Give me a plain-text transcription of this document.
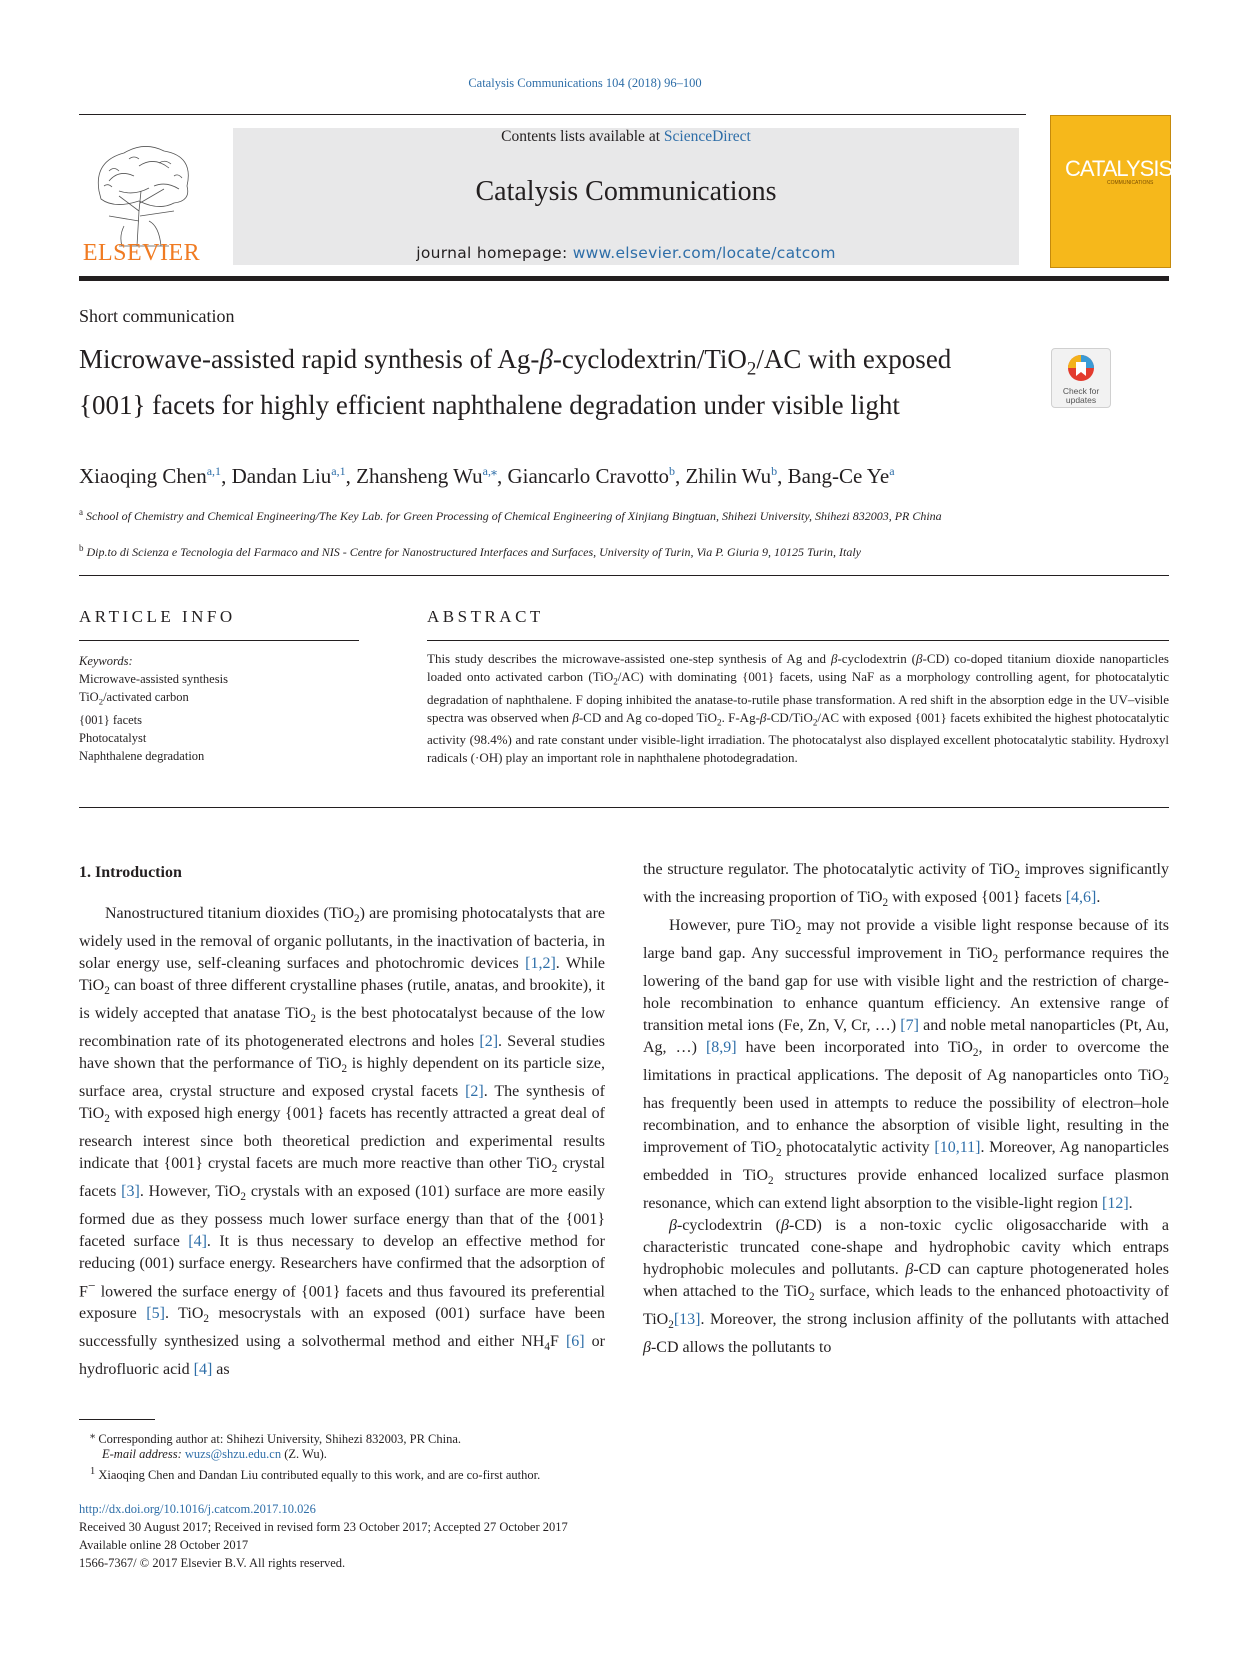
Catalysis Communications 104 (2018) 96–100
ELSEVIER
Contents lists available at ScienceDirect
Catalysis Communications
journal homepage: www.elsevier.com/locate/catcom
CATALYSIS
COMMUNICATIONS
Short communication
Microwave-assisted rapid synthesis of Ag-β-cyclodextrin/TiO$_2$/AC with exposed {001} facets for highly efficient naphthalene degradation under visible light	Check for updates
Xiaoqing Chen$^{a,1}$, Dandan Liu$^{a,1}$, Zhansheng $Wu^{a,⁎}$, Giancarlo Cravotto$^b$, Zhilin Wu$^b$, Bang-Ce Ye$^a$
$^a$ School of Chemistry and Chemical Engineering/The Key Lab. for Green Processing of Chemical Engineering of Xinjiang Bingtuan, Shihezi University, Shihezi 832003, PR China
$^b$ Dip.to di Scienza e Tecnologia del Farmaco and NIS - Centre for Nanostructured Interfaces and Surfaces, University of Turin, Via P. Giuria 9, 10125 Turin, Italy
ARTICLE INFO
Keywords:
Microwave-assisted synthesis
TiO$_2$/activated carbon
{001} facets
Photocatalyst
Naphthalene degradation
ABSTRACT
This study describes the microwave-assisted one-step synthesis of Ag and β-cyclodextrin (β-CD) co-doped titanium dioxide nanoparticles loaded onto activated carbon (TiO$_2$/AC) with dominating {001} facets, using NaF as a morphology controlling agent, for photocatalytic degradation of naphthalene. F doping inhibited the anatase-to-rutile phase transformation. A red shift in the absorption edge in the UV–visible spectra was observed when β-CD and Ag co-doped TiO$_2$. F-Ag-β-CD/TiO$_2$/AC with exposed {001} facets exhibited the highest photocatalytic activity (98.4%) and rate constant under visible-light irradiation. The photocatalyst also displayed excellent photocatalytic stability. Hydroxyl radicals (·OH) play an important role in naphthalene photodegradation.
1. Introduction

Nanostructured titanium dioxides (TiO$_2$) are promising photocatalysts that are widely used in the removal of organic pollutants, in the inactivation of bacteria, in solar energy use, self-cleaning surfaces and photochromic devices [1,2]. While TiO$_2$ can boast of three different crystalline phases (rutile, anatas, and brookite), it is widely accepted that anatase TiO$_2$ is the best photocatalyst because of the low recombination rate of its photogenerated electrons and holes [2]. Several studies have shown that the performance of TiO$_2$ is highly dependent on its particle size, surface area, crystal structure and exposed crystal facets [2]. The synthesis of TiO$_2$ with exposed high energy {001} facets has recently attracted a great deal of research interest since both theoretical prediction and experimental results indicate that {001} crystal facets are much more reactive than other TiO$_2$ crystal facets [3]. However, TiO$_2$ crystals with an exposed (101) surface are more easily formed due as they possess much lower surface energy than that of the {001} faceted surface [4]. It is thus necessary to develop an effective method for reducing (001) surface energy. Researchers have confirmed that the adsorption of F− lowered the surface energy of {001} facets and thus favoured its preferential exposure [5]. TiO$_2$ mesocrystals with an exposed (001) surface have been successfully synthesized using a solvothermal method and either $NH_4F$ [6] or hydrofluoric acid [4] as

the structure regulator. The photocatalytic activity of TiO$_2$ improves significantly with the increasing proportion of TiO$_2$ with exposed {001} facets [4,6].

However, pure TiO$_2$ may not provide a visible light response because of its large band gap. Any successful improvement in TiO$_2$ performance requires the lowering of the band gap for use with visible light and the restriction of charge-hole recombination to enhance quantum efficiency. An extensive range of transition metal ions (Fe, Zn, V, Cr, …) [7] and noble metal nanoparticles (Pt, Au, Ag, …) [8,9] have been incorporated into TiO$_2$, in order to overcome the limitations in practical applications. The deposit of Ag nanoparticles onto TiO$_2$ has frequently been used in attempts to reduce the possibility of electron–hole recombination, and to enhance the absorption of visible light, resulting in the improvement of TiO$_2$ photocatalytic activity [10,11]. Moreover, Ag nanoparticles embedded in TiO$_2$ structures provide enhanced localized surface plasmon resonance, which can extend light absorption to the visible-light region [12].

β-cyclodextrin (β-CD) is a non-toxic cyclic oligosaccharide with a characteristic truncated cone-shape and hydrophobic cavity which entraps hydrophobic molecules and pollutants. β-CD can capture photogenerated holes when attached to the TiO$_2$ surface, which leads to the enhanced photoactivity of TiO$_2$[13]. Moreover, the strong inclusion affinity of the pollutants with attached β-CD allows the pollutants to

⁎ Corresponding author at: Shihezi University, Shihezi 832003, PR China.
E-mail address: wuzs@shzu.edu.cn (Z. Wu).
$^1$ Xiaoqing Chen and Dandan Liu contributed equally to this work, and are co-first author.
http://dx.doi.org/10.1016/j.catcom.2017.10.026
Received 30 August 2017; Received in revised form 23 October 2017; Accepted 27 October 2017
Available online 28 October 2017
1566-7367/ © 2017 Elsevier B.V. All rights reserved.
